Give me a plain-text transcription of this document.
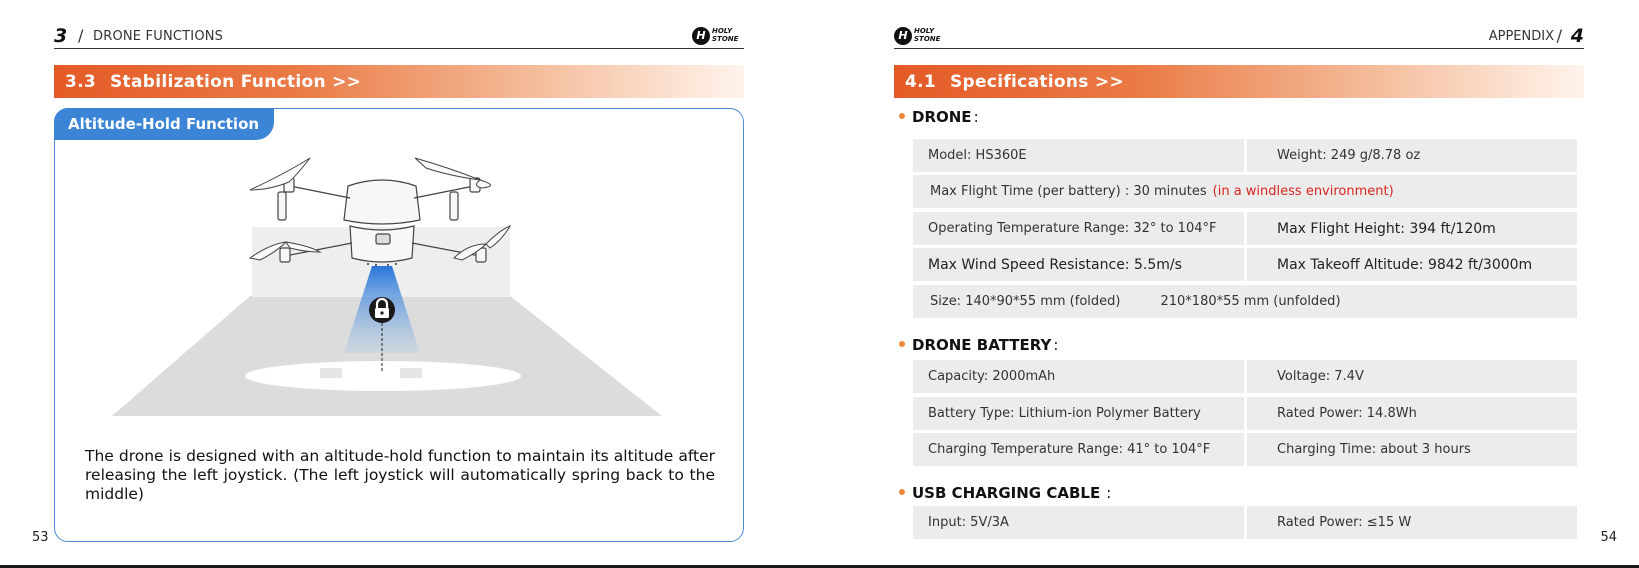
3 / DRONE FUNCTIONS	H HOLY
STONE
3.3 Stabilization Function >>
Altitude-Hold Function

The drone is designed with an altitude-hold function to maintain its altitude after releasing the left joystick. (The left joystick will automatically spring back to the middle)

53
H HOLY
STONE	APPENDIX / 4
4.1 Specifications >>
DRONE :
Model: HS360E	Weight: 249 g/8.78 oz
Max Flight Time (per battery) : 30 minutes (in a windless environment)
Operating Temperature Range: 32° to 104°F	Max Flight Height: 394 ft/120m
Max Wind Speed Resistance: 5.5m/s	Max Takeoff Altitude: 9842 ft/3000m
Size: 140*90*55 mm (folded)	210*180*55 mm (unfolded)
DRONE BATTERY :
Capacity: 2000mAh	Voltage: 7.4V
Battery Type: Lithium-ion Polymer Battery	Rated Power: 14.8Wh
Charging Temperature Range: 41° to 104°F	Charging Time: about 3 hours
USB CHARGING CABLE :
Input: 5V/3A	Rated Power: ≤15 W
54
